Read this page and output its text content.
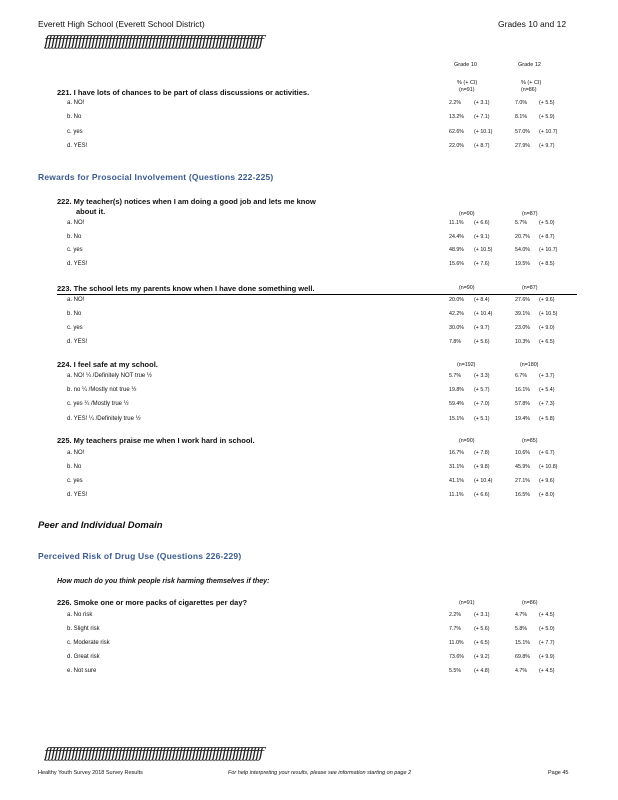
Everett High School (Everett School District)	Grades 10 and 12
ƒƒƒƒƒƒƒƒƒƒƒƒƒƒƒƒƒƒƒƒƒƒƒƒƒƒƒƒƒƒƒƒƒƒƒƒƒƒƒƒƒƒƒƒƒƒƒƒƒƒƒƒƒƒƒƒƒƒƒƒƒƒƒƒƒ
Grade 10	Grade 12
% (+ CI)	% (+ CI)
(n=91)	(n=86)
221. I have lots of chances to be part of class discussions or activities.
a. NO!	2.2% (+ 3.1)	7.0% (+ 5.5)
b. No	13.2% (+ 7.1)	8.1% (+ 5.9)
c. yes	62.6% (+ 10.1)	57.0% (+ 10.7)
d. YES!	22.0% (+ 8.7)	27.9% (+ 9.7)
Rewards for Prosocial Involvement (Questions 222-225)
222. My teacher(s) notices when I am doing a good job and lets me know
about it.	(n=90)	(n=87)
a. NO!	11.1% (+ 6.6)	5.7% (+ 5.0)
b. No	24.4% (+ 9.1)	20.7% (+ 8.7)
c. yes	48.9% (+ 10.5)	54.0% (+ 10.7)
d. YES!	15.6% (+ 7.6)	19.5% (+ 8.5)
223. The school lets my parents know when I have done something well.	(n=90)	(n=87)
a. NO!	20.0% (+ 8.4)	27.6% (+ 9.6)
b. No	42.2% (+ 10.4)	39.1% (+ 10.5)
c. yes	30.0% (+ 9.7)	23.0% (+ 9.0)
d. YES!	7.8% (+ 5.6)	10.3% (+ 6.5)
224. I feel safe at my school.	(n=192)	(n=180)
a. NO! ¼ /Definitely NOT true ½	5.7% (+ 3.3)	6.7% (+ 3.7)
b. no ¼ /Mostly not true ½	19.8% (+ 5.7)	16.1% (+ 5.4)
c. yes ¼ /Mostly true ½	59.4% (+ 7.0)	57.8% (+ 7.3)
d. YES! ¼ /Definitely true ½	15.1% (+ 5.1)	19.4% (+ 5.8)
225. My teachers praise me when I work hard in school.	(n=90)	(n=85)
a. NO!	16.7% (+ 7.8)	10.6% (+ 6.7)
b. No	31.1% (+ 9.8)	45.9% (+ 10.8)
c. yes	41.1% (+ 10.4)	27.1% (+ 9.6)
d. YES!	11.1% (+ 6.6)	16.5% (+ 8.0)
Peer and Individual Domain
Perceived Risk of Drug Use (Questions 226-229)
How much do you think people risk harming themselves if they:
226. Smoke one or more packs of cigarettes per day?	(n=91)	(n=86)
a. No risk	2.2% (+ 3.1)	4.7% (+ 4.5)
b. Slight risk	7.7% (+ 5.6)	5.8% (+ 5.0)
c. Moderate risk	11.0% (+ 6.5)	15.1% (+ 7.7)
d. Great risk	73.6% (+ 9.2)	69.8% (+ 9.9)
e. Not sure	5.5% (+ 4.8)	4.7% (+ 4.5)
ƒƒƒƒƒƒƒƒƒƒƒƒƒƒƒƒƒƒƒƒƒƒƒƒƒƒƒƒƒƒƒƒƒƒƒƒƒƒƒƒƒƒƒƒƒƒƒƒƒƒƒƒƒƒƒƒƒƒƒƒƒƒƒƒƒ
Healthy Youth Survey 2018 Survey Results	For help interpreting your results, please see information starting on page 2	Page 45
